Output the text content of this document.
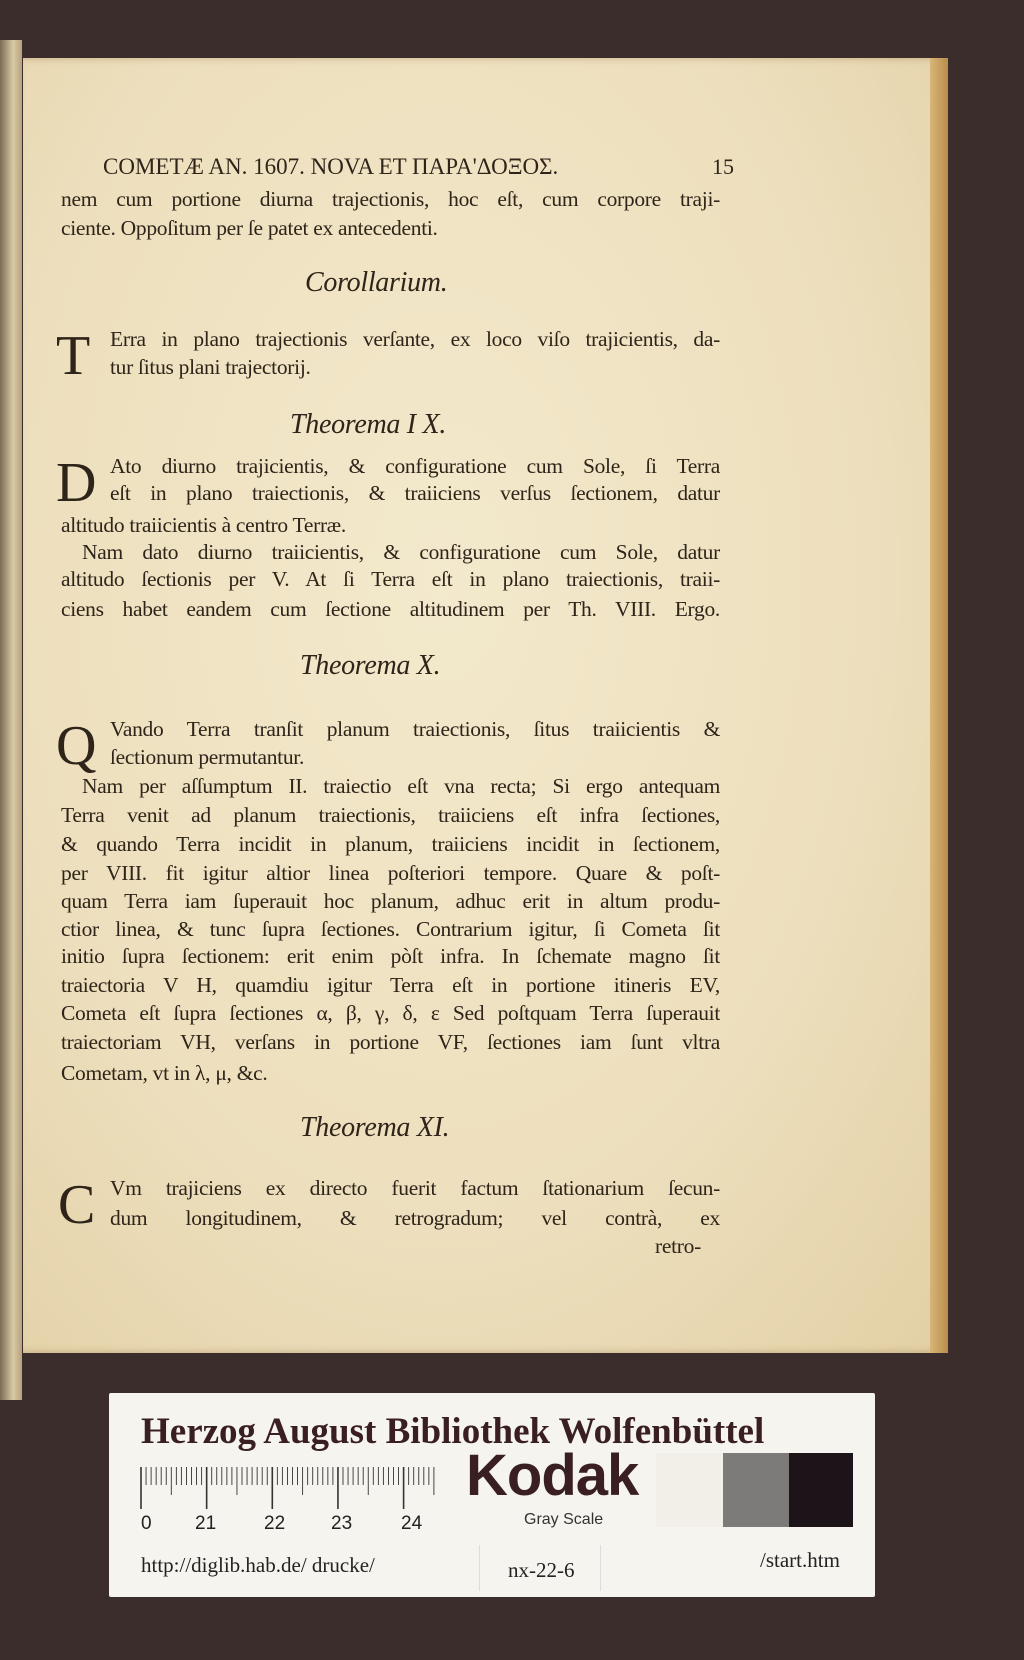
COMETÆ AN. 1607. NOVA ET ΠΑΡΑ'ΔΟΞΟΣ.	15
nem cum portione diurna trajectionis, hoc eſt, cum corpore traji-
ciente. Oppoſitum per ſe patet ex antecedenti.
Corollarium.
Erra in plano trajectionis verſante, ex loco viſo trajicientis, da-
tur ſitus plani trajectorij.
Theorema I X.
Ato diurno trajicientis, & configuratione cum Sole, ſi Terra
eſt in plano traiectionis, & traiiciens verſus ſectionem, datur
altitudo traiicientis à centro Terræ.
Nam dato diurno traiicientis, & configuratione cum Sole, datur
altitudo ſectionis per V. At ſi Terra eſt in plano traiectionis, traii-
ciens habet eandem cum ſectione altitudinem per Th. VIII. Ergo.
Theorema X.
Vando Terra tranſit planum traiectionis, ſitus traiicientis &
ſectionum permutantur.
Nam per aſſumptum II. traiectio eſt vna recta; Si ergo antequam
Terra venit ad planum traiectionis, traiiciens eſt infra ſectiones,
& quando Terra incidit in planum, traiiciens incidit in ſectionem,
per VIII. fit igitur altior linea poſteriori tempore. Quare & poſt-
quam Terra iam ſuperauit hoc planum, adhuc erit in altum produ-
ctior linea, & tunc ſupra ſectiones. Contrarium igitur, ſi Cometa ſit
initio ſupra ſectionem: erit enim pòſt infra. In ſchemate magno ſit
traiectoria V H, quamdiu igitur Terra eſt in portione itineris EV,
Cometa eſt ſupra ſectiones α, β, γ, δ, ε Sed poſtquam Terra ſuperauit
traiectoriam VH, verſans in portione VF, ſectiones iam ſunt vltra
Cometam, vt in λ, μ, &c.
Theorema XI.
Vm trajiciens ex directo fuerit factum ſtationarium ſecun-
dum longitudinem, & retrogradum; vel contrà, ex
retro-
T
D
Q
C
Herzog August Bibliothek Wolfenbüttel
0 21	22 23	24
Kodak
Gray Scale
http://diglib.hab.de/ drucke/	nx-22-6	/start.htm
